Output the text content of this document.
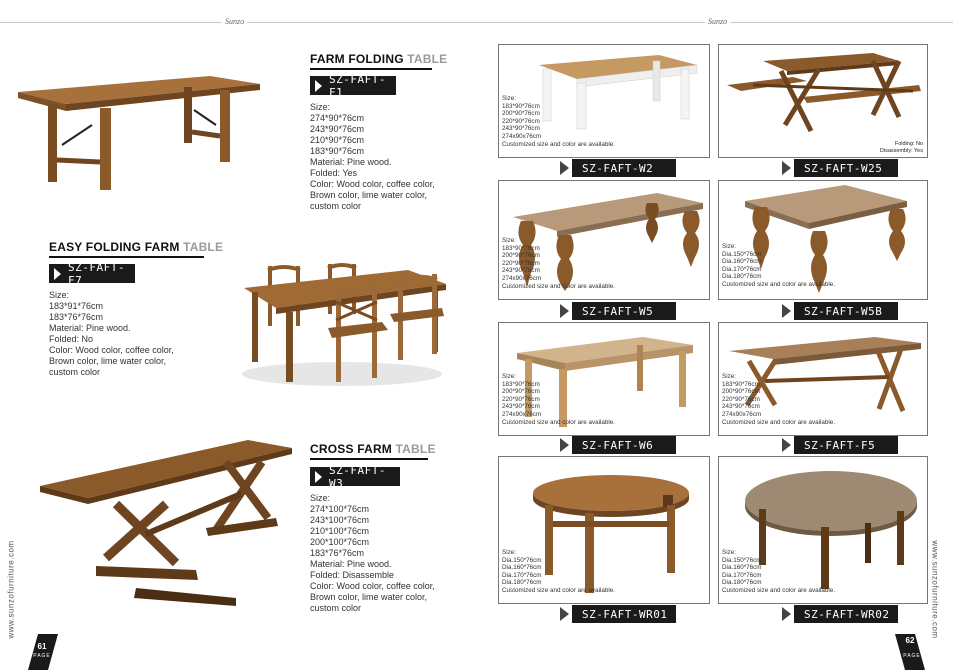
Sunzo	Sunzo
FARM FOLDING TABLE
SZ-FAFT-F1
Size:
274*90*76cm
243*90*76cm
210*90*76cm
183*90*76cm
Material: Pine wood.
Folded: Yes
Color: Wood color, coffee color,
Brown color, lime water color,
custom color
EASY FOLDING FARM TABLE
SZ-FAFT-F7
Size:
183*91*76cm
183*76*76cm
Material: Pine wood.
Folded: No
Color: Wood color, coffee color,
Brown color, lime water color,
custom color
CROSS FARM TABLE
SZ-FAFT-W3
Size:
274*100*76cm
243*100*76cm
210*100*76cm
200*100*76cm
183*76*76cm
Material: Pine wood.
Folded: Disassemble
Color: Wood color, coffee color,
Brown color, lime water color,
custom color
www.sunzofurniture.com
61
PAGE
Size:
183*90*76cm
200*90*76cm
220*90*76cm
243*90*76cm
274x90x76cm
Customized size and color are available.
SZ-FAFT-W2
Folding: No
Disassembly: Yes
SZ-FAFT-W25
Size:
183*90*76cm
200*90*76cm
220*90*76cm
243*90*76cm
274x90x76cm
Customized size and color are available.
SZ-FAFT-W5
Size:
Dia.150*76cm
Dia.160*76cm
Dia.170*76cm
Dia.180*76cm
Customized size and color are available.
SZ-FAFT-W5B
Size:
183*90*76cm
200*90*76cm
220*90*76cm
243*90*76cm
274x90x76cm
Customized size and color are available.
SZ-FAFT-W6
Size:
183*90*76cm
200*90*76cm
220*90*76cm
243*90*76cm
274x90x76cm
Customized size and color are available.
SZ-FAFT-F5
Size:
Dia.150*76cm
Dia.160*76cm
Dia.170*76cm
Dia.180*76cm
Customized size and color are available.
SZ-FAFT-WR01
Size:
Dia.150*76cm
Dia.160*76cm
Dia.170*76cm
Dia.180*76cm
Customized size and color are available.
SZ-FAFT-WR02	www.sunzofurniture.com
62
PAGE
